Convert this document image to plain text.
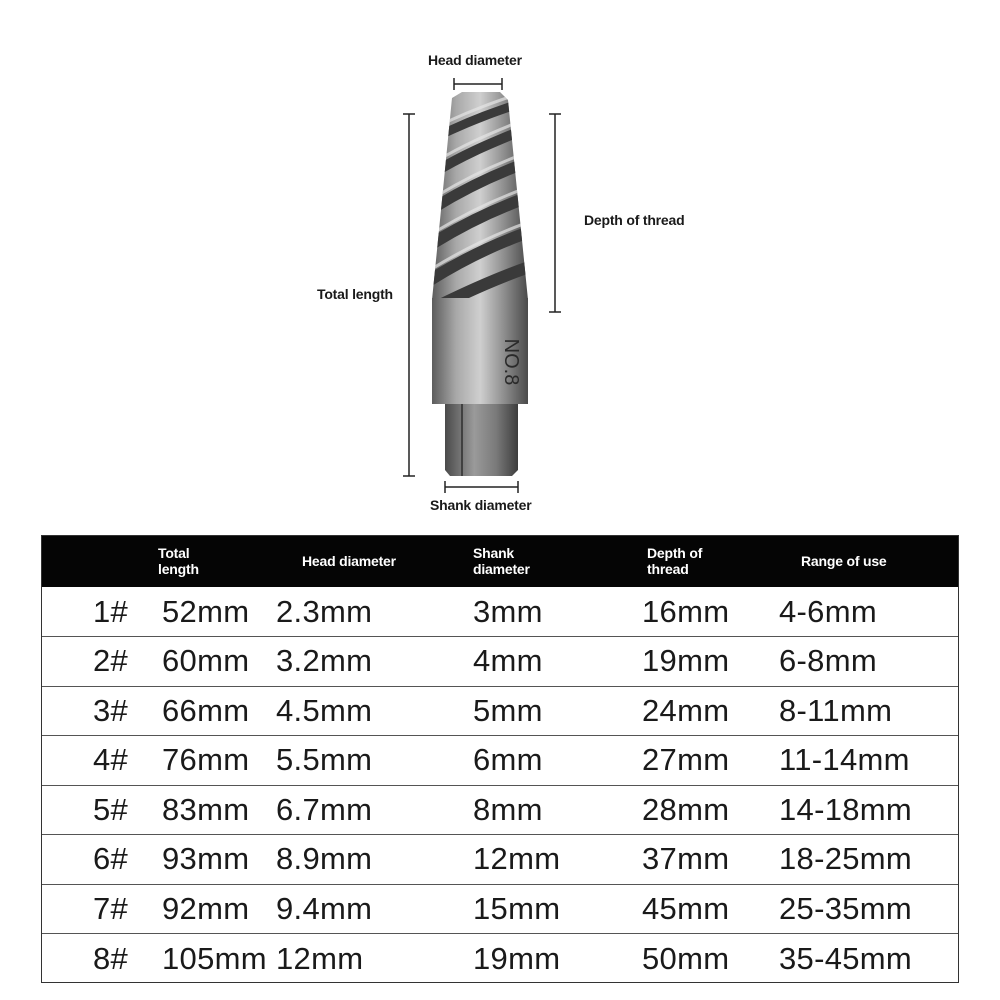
NO.8
Head diameter
Depth of thread
Total length
Shank diameter
	Total length	Head diameter	Shank diameter	Depth of thread	Range of use
1#	52mm	2.3mm	3mm	16mm	4-6mm
2#	60mm	3.2mm	4mm	19mm	6-8mm
3#	66mm	4.5mm	5mm	24mm	8-11mm
4#	76mm	5.5mm	6mm	27mm	11-14mm
5#	83mm	6.7mm	8mm	28mm	14-18mm
6#	93mm	8.9mm	12mm	37mm	18-25mm
7#	92mm	9.4mm	15mm	45mm	25-35mm
8#	105mm	12mm	19mm	50mm	35-45mm
